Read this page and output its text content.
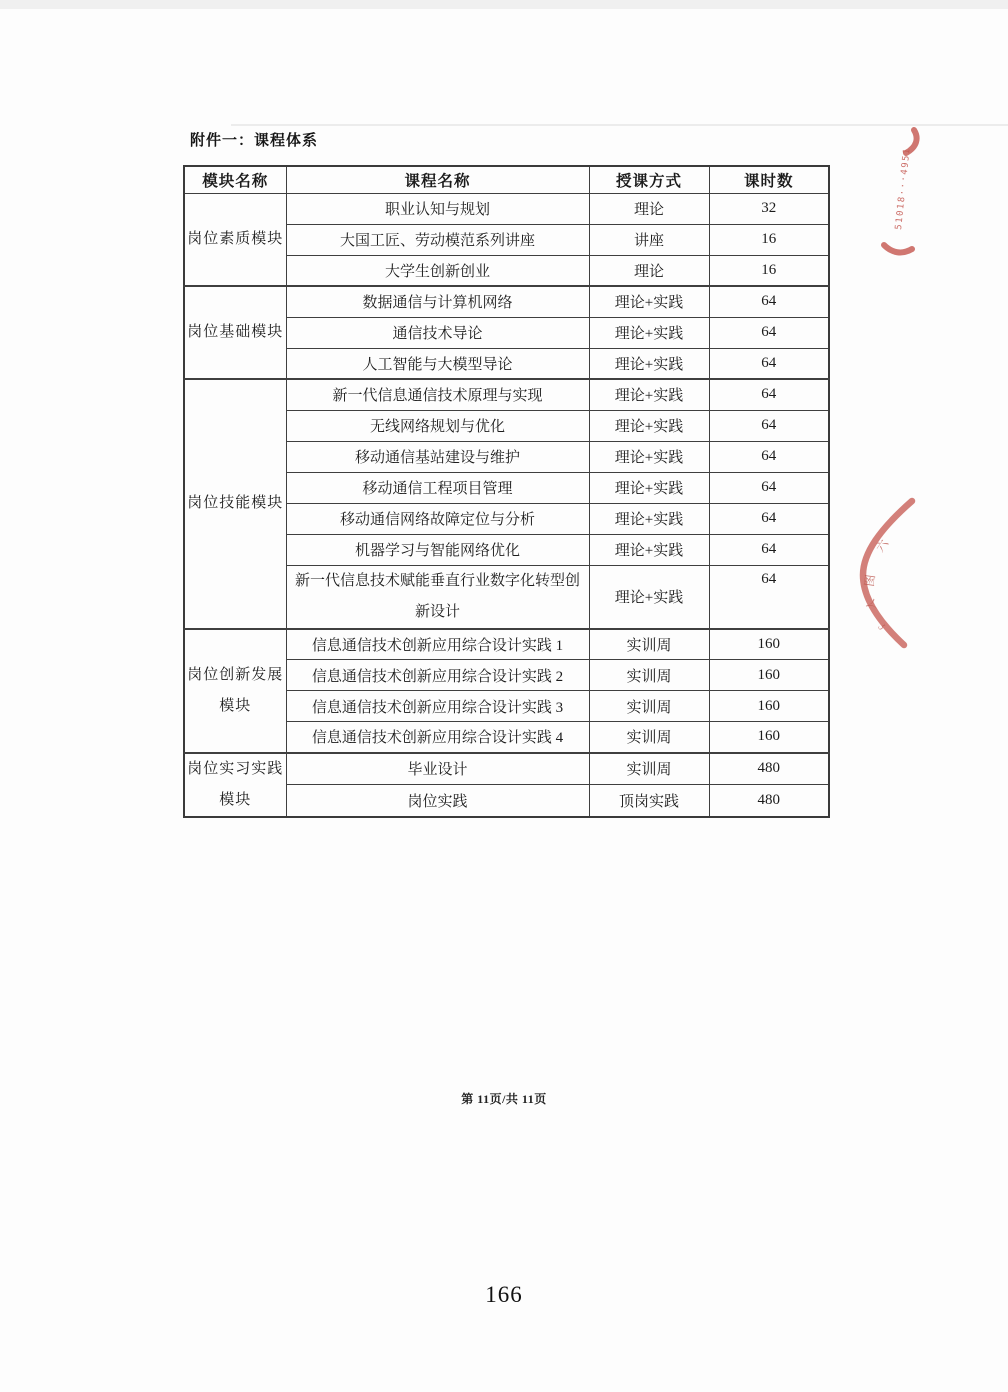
附件一：课程体系
模块名称	课程名称	授课方式	课时数
岗位素质模块	职业认知与规划	理论	32
	大国工匠、劳动模范系列讲座	讲座	16
	大学生创新创业	理论	16
岗位基础模块	数据通信与计算机网络	理论+实践	64
	通信技术导论	理论+实践	64
	人工智能与大模型导论	理论+实践	64
岗位技能模块	新一代信息通信技术原理与实现	理论+实践	64
	无线网络规划与优化	理论+实践	64
	移动通信基站建设与维护	理论+实践	64
	移动通信工程项目管理	理论+实践	64
	移动通信网络故障定位与分析	理论+实践	64
	机器学习与智能网络优化	理论+实践	64
	新一代信息技术赋能垂直行业数字化转型创新设计	理论+实践	64
岗位创新发展模块	信息通信技术创新应用综合设计实践 1	实训周	160
	信息通信技术创新应用综合设计实践 2	实训周	160
	信息通信技术创新应用综合设计实践 3	实训周	160
	信息通信技术创新应用综合设计实践 4	实训周	160
岗位实习实践模块	毕业设计	实训周	480
	岗位实践	顶岗实践	480
51018···4951
六
图
人
ʕ
第 11页/共 11页
166
